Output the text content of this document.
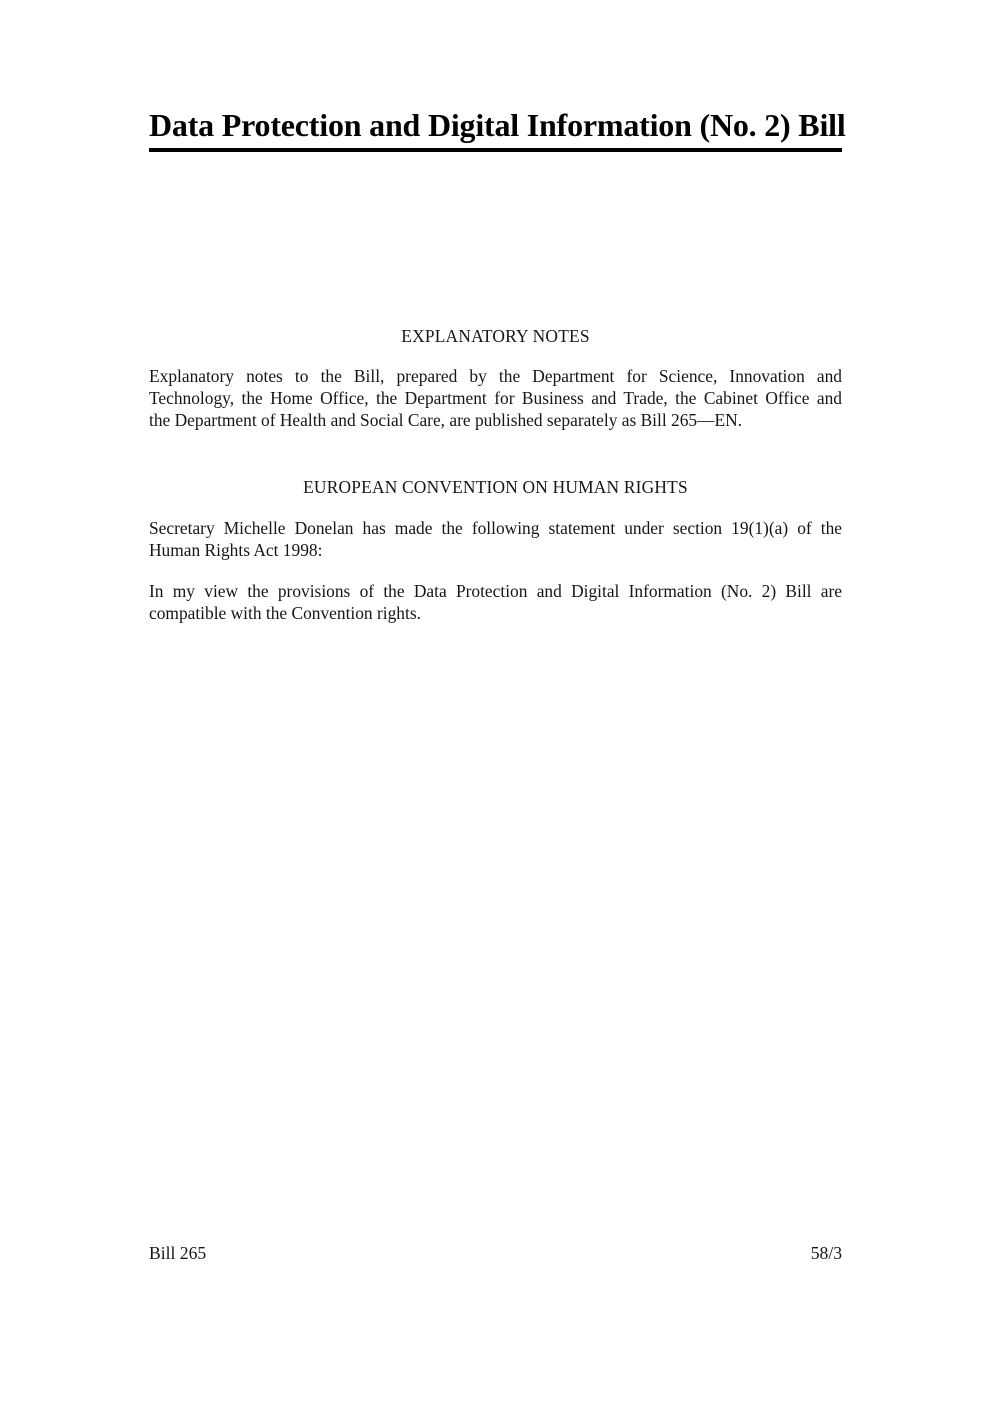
Data Protection and Digital Information (No. 2) Bill
EXPLANATORY NOTES
Explanatory notes to the Bill, prepared by the Department for Science, Innovation and
Technology, the Home Office, the Department for Business and Trade, the Cabinet Office and
the Department of Health and Social Care, are published separately as Bill 265—EN.
EUROPEAN CONVENTION ON HUMAN RIGHTS
Secretary Michelle Donelan has made the following statement under section 19(1)(a) of the
Human Rights Act 1998:
In my view the provisions of the Data Protection and Digital Information (No. 2) Bill are
compatible with the Convention rights.
Bill 265	58/3
